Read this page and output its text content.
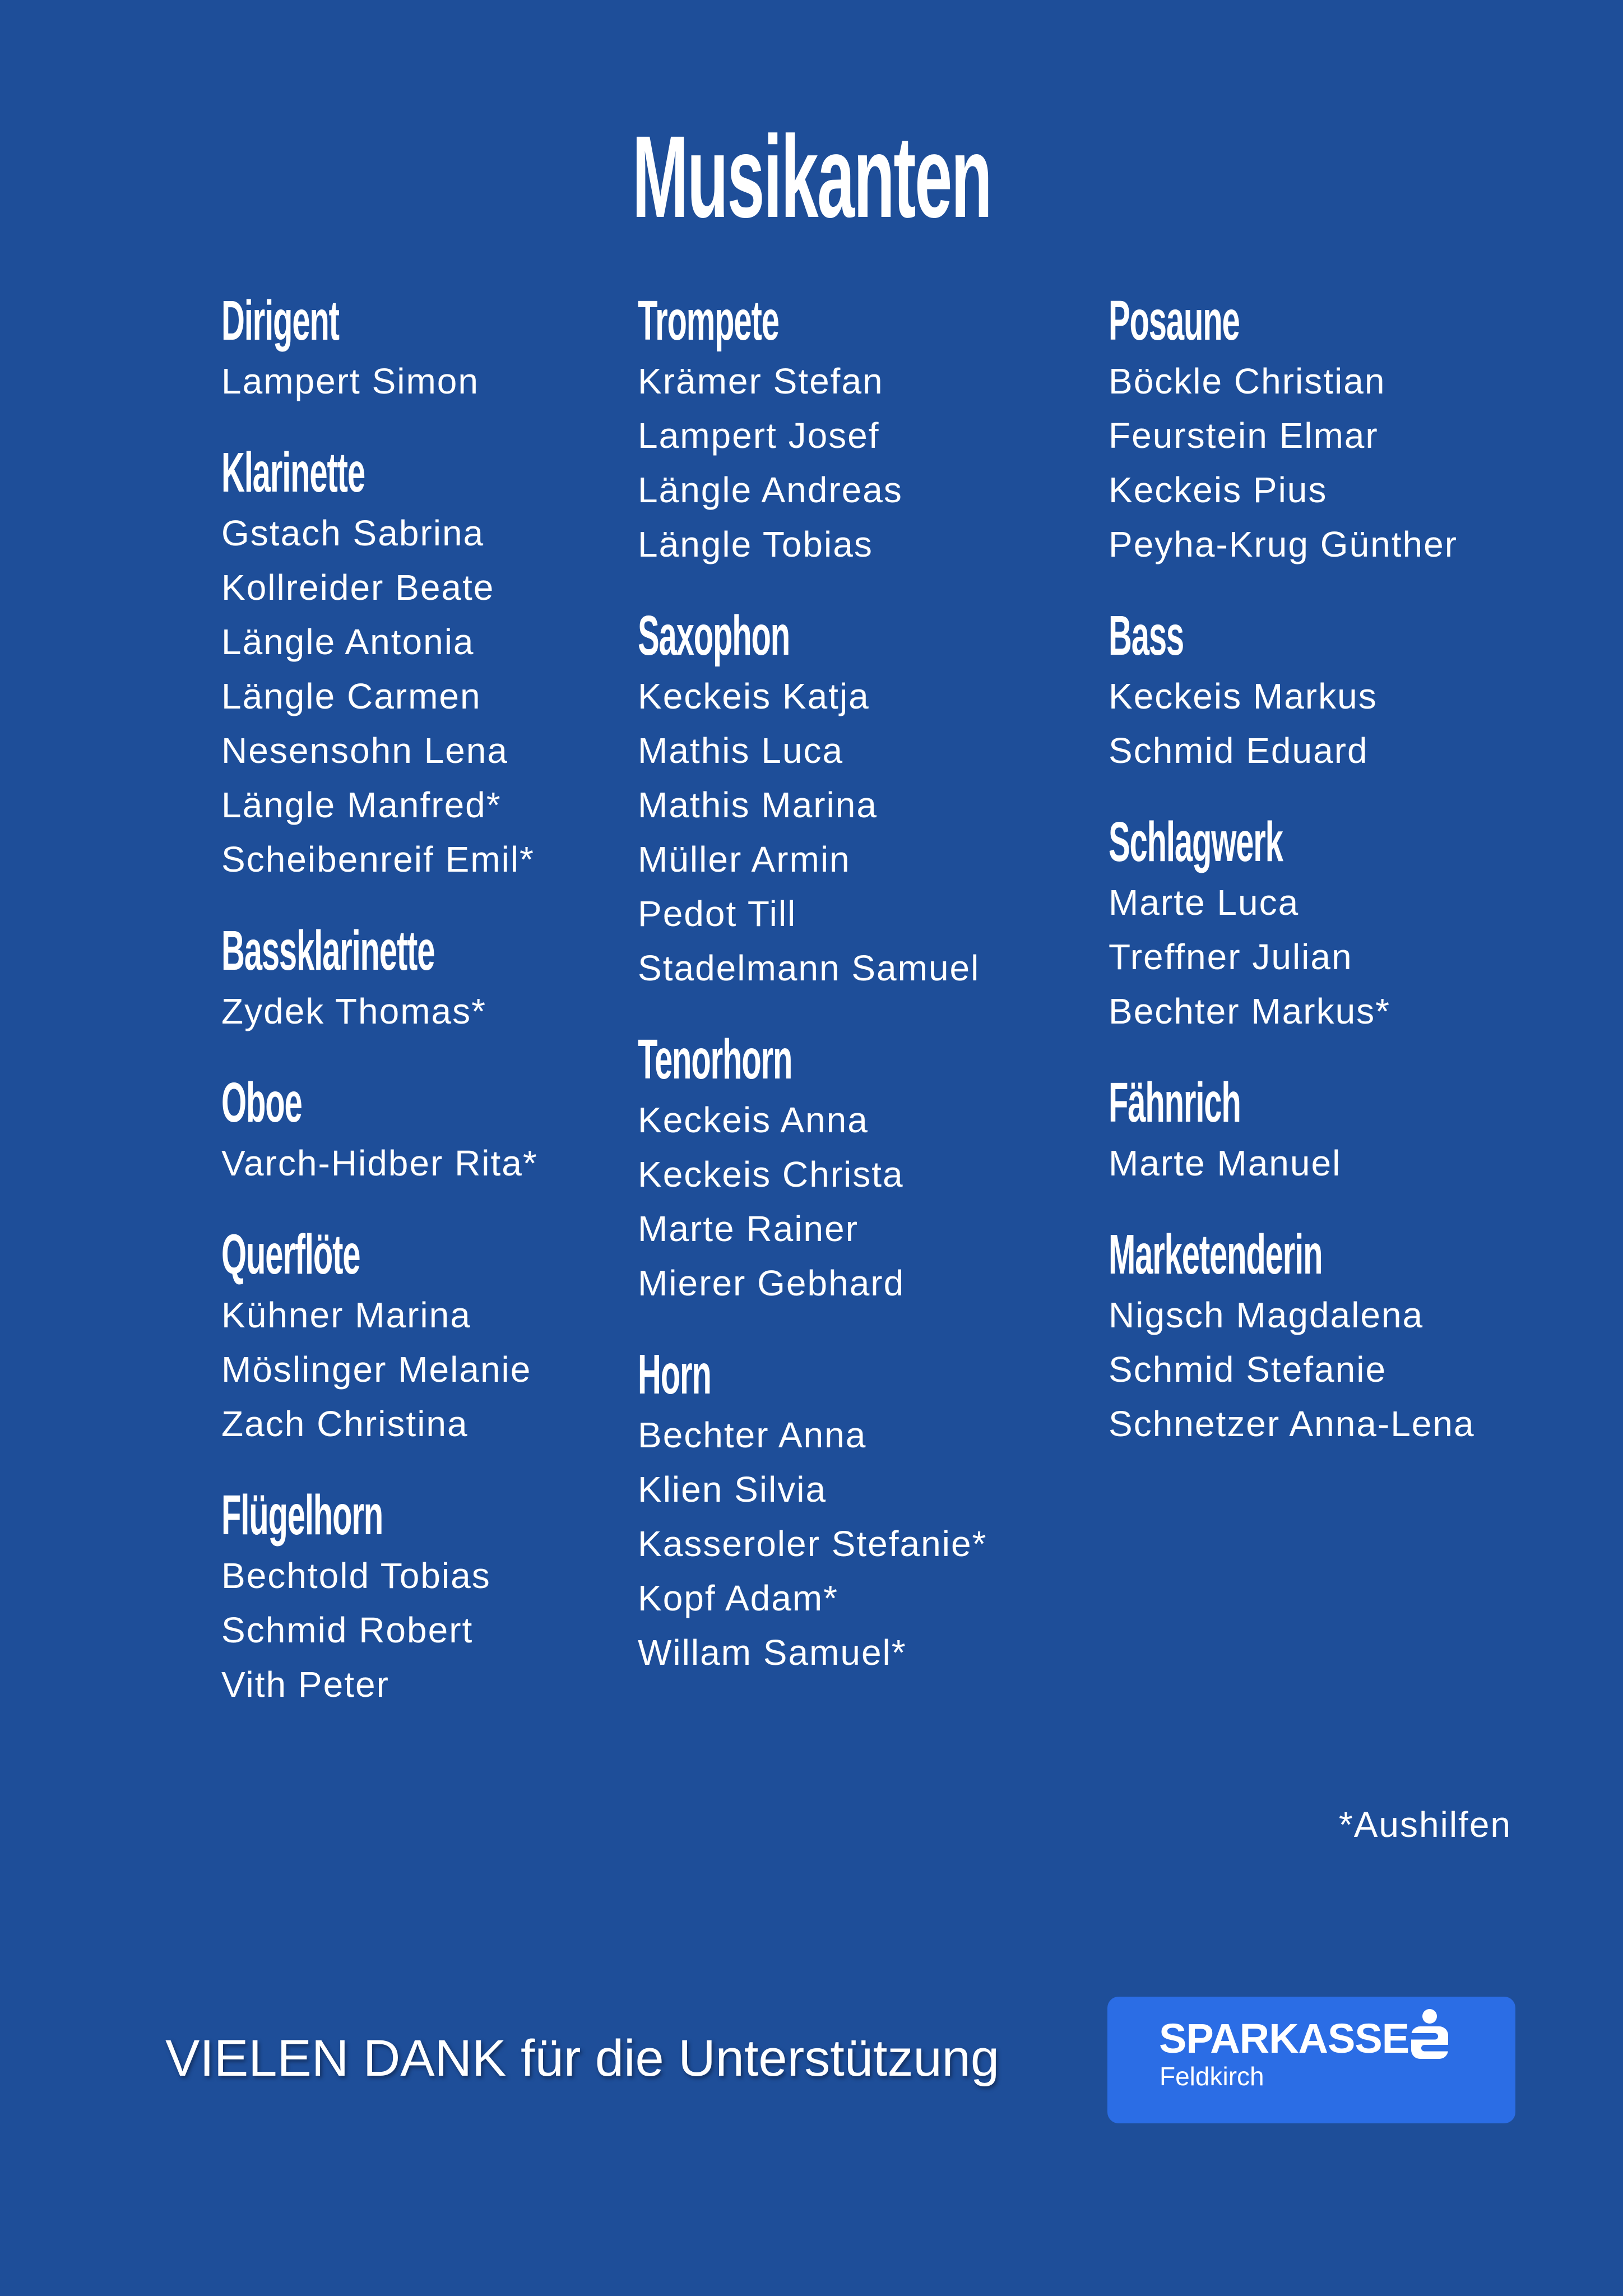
Musikanten
Dirigent

Lampert Simon

Klarinette

Gstach Sabrina

Kollreider Beate

Längle Antonia

Längle Carmen

Nesensohn Lena

Längle Manfred*

Scheibenreif Emil*

Bassklarinette

Zydek Thomas*

Oboe

Varch-Hidber Rita*

Querflöte

Kühner Marina

Möslinger Melanie

Zach Christina

Flügelhorn

Bechtold Tobias

Schmid Robert

Vith Peter

Trompete

Krämer Stefan

Lampert Josef

Längle Andreas

Längle Tobias

Saxophon

Keckeis Katja

Mathis Luca

Mathis Marina

Müller Armin

Pedot Till

Stadelmann Samuel

Tenorhorn

Keckeis Anna

Keckeis Christa

Marte Rainer

Mierer Gebhard

Horn

Bechter Anna

Klien Silvia

Kasseroler Stefanie*

Kopf Adam*

Willam Samuel*

Posaune

Böckle Christian

Feurstein Elmar

Keckeis Pius

Peyha-Krug Günther

Bass

Keckeis Markus

Schmid Eduard

Schlagwerk

Marte Luca

Treffner Julian

Bechter Markus*

Fähnrich

Marte Manuel

Marketenderin

Nigsch Magdalena

Schmid Stefanie

Schnetzer Anna-Lena

*Aushilfen
VIELEN DANK für die Unterstützung	SPARKASSE
Feldkirch
